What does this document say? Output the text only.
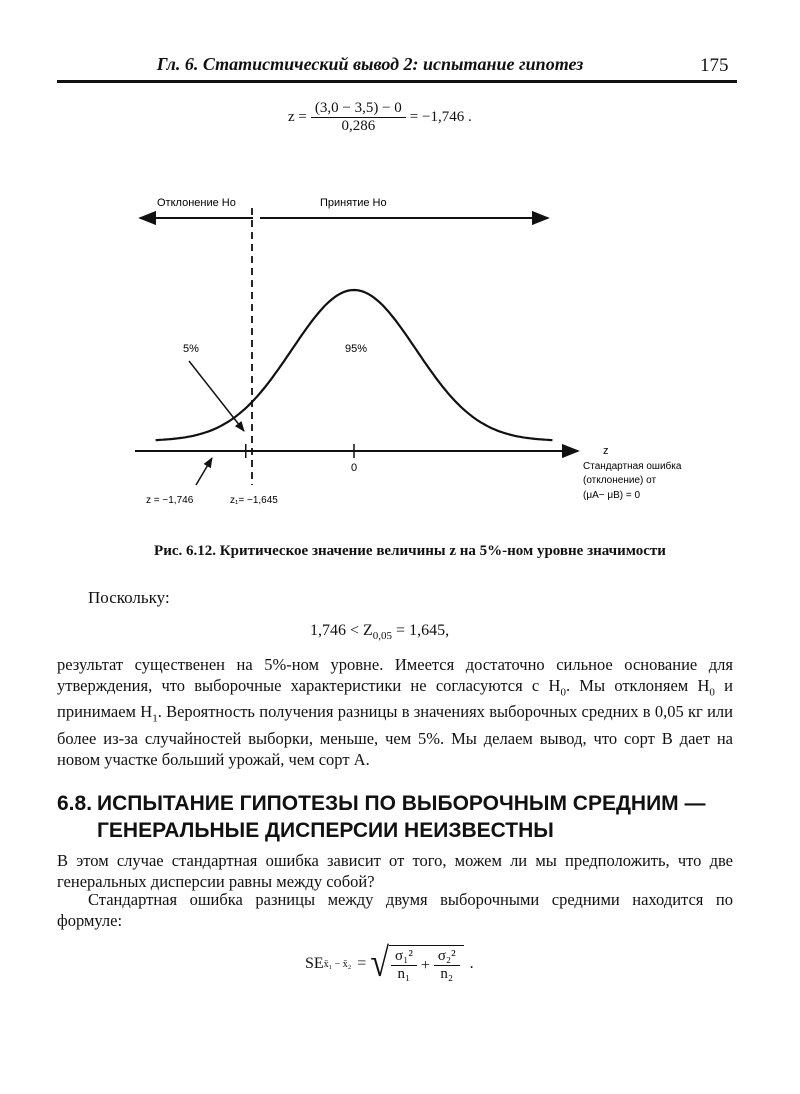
Гл. 6. Статистический вывод 2: испытание гипотез	175
$z = \frac{(3,0 - 3,5) - 0}{0,286} = -1,746$ .
Отклонение Ho	Принятие Ho
0
5%	95%
z
Стандартная ошибка
(отклонение) от
(μA− μB) = 0
z = −1,746	z₁= −1,645
Рис. 6.12. Критическое значение величины z на 5%-ном уровне значимости
Поскольку:
$1,746 < Z_{0,05} = 1,645$,
результат существенен на 5%-ном уровне. Имеется достаточно сильное основание для утверждения, что выборочные характеристики не согласуются с $H_0$. Мы отклоняем $H_0$ и принимаем $H_1$. Вероятность получения разницы в значениях выборочных средних в 0,05 кг или более из-за случайностей выборки, меньше, чем 5%. Мы делаем вывод, что сорт B дает на новом участке больший урожай, чем сорт A.
6.8. ИСПЫТАНИЕ ГИПОТЕЗЫ ПО ВЫБОРОЧНЫМ СРЕДНИМ —
ГЕНЕРАЛЬНЫЕ ДИСПЕРСИИ НЕИЗВЕСТНЫ
В этом случае стандартная ошибка зависит от того, можем ли мы предположить, что две генеральных дисперсии равны между собой?
Стандартная ошибка разницы между двумя выборочными средними находится по формуле:
SE x̄₁ − x̄₂ = √ $\frac{\text{σ₁²}}{\text{n₁}} + \frac{\text{σ₂²}}{\text{n₂}}$ .
